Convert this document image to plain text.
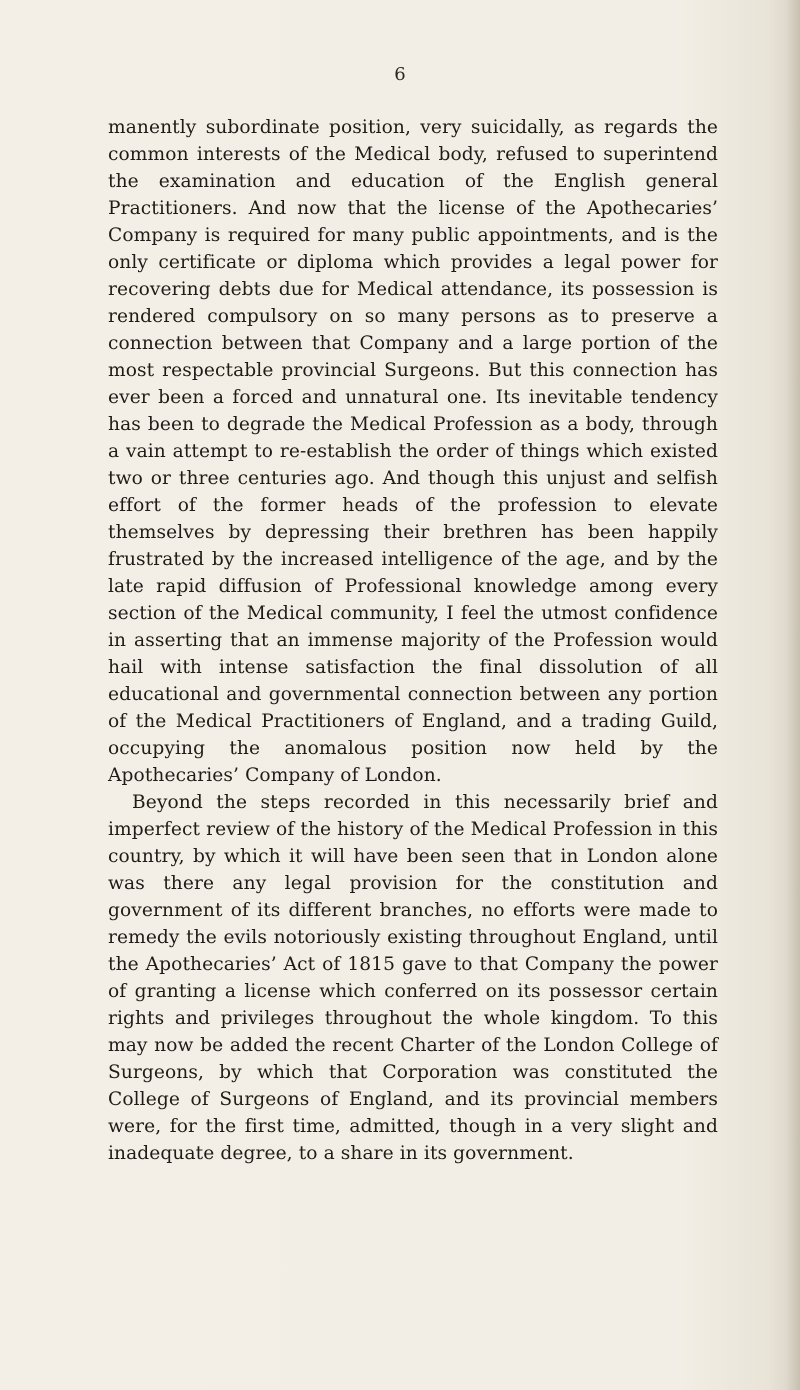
6

manently subordinate position, very suicidally, as regards the common interests of the Medical body, refused to superintend the examination and education of the English general Practitioners. And now that the license of the Apothecaries’ Company is required for many public appointments, and is the only certificate or diploma which provides a legal power for recovering debts due for Medical attendance, its possession is rendered compulsory on so many persons as to preserve a connection between that Company and a large portion of the most respectable provincial Surgeons. But this connection has ever been a forced and unnatural one. Its inevitable tendency has been to degrade the Medical Profession as a body, through a vain attempt to re-establish the order of things which existed two or three centuries ago. And though this unjust and selfish effort of the former heads of the profession to elevate themselves by depressing their brethren has been happily frustrated by the increased intelligence of the age, and by the late rapid diffusion of Professional knowledge among every section of the Medical community, I feel the utmost confidence in asserting that an immense majority of the Profession would hail with intense satisfaction the final dissolution of all educational and governmental connection between any portion of the Medical Practitioners of England, and a trading Guild, occupying the anomalous position now held by the Apothecaries’ Company of London.

Beyond the steps recorded in this necessarily brief and imperfect review of the history of the Medical Profession in this country, by which it will have been seen that in London alone was there any legal provision for the constitution and government of its different branches, no efforts were made to remedy the evils notoriously existing throughout England, until the Apothecaries’ Act of 1815 gave to that Company the power of granting a license which conferred on its possessor certain rights and privileges throughout the whole kingdom. To this may now be added the recent Charter of the London College of Surgeons, by which that Corporation was constituted the College of Surgeons of England, and its provincial members were, for the first time, admitted, though in a very slight and inadequate degree, to a share in its government.
